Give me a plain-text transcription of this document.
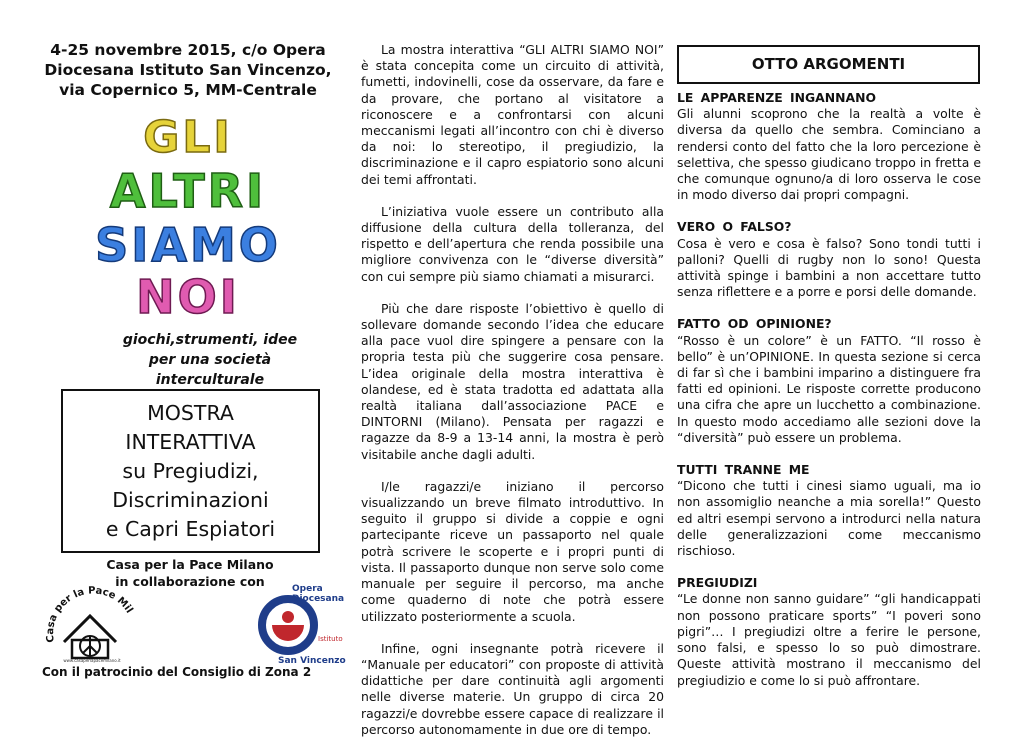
4-25 novembre 2015, c/o Opera
Diocesana Istituto San Vincenzo,
via Copernico 5, MM-Centrale
GLI
ALTRI
SIAMO
NOI
giochi,strumenti, idee
per una società
interculturale
MOSTRA
INTERATTIVA
su Pregiudizi,
Discriminazioni
e Capri Espiatori
Casa per la Pace Milano
in collaborazione con
Casa per la Pace Mil
www.casaperlapacemilano.it
Opera
Diocesana
Istituto
San Vincenzo
Con il patrocinio del Consiglio di Zona 2

La mostra interattiva “GLI ALTRI SIAMO NOI” è stata concepita come un circuito di attività, fumetti, indovinelli, cose da osservare, da fare e da provare, che portano al visitatore a riconoscere e a confrontarsi con alcuni meccanismi legati all’incontro con chi è diverso da noi: lo stereotipo, il pregiudizio, la discriminazione e il capro espiatorio sono alcuni dei temi affrontati.

L’iniziativa vuole essere un contributo alla diffusione della cultura della tolleranza, del rispetto e dell’apertura che renda possibile una migliore convivenza con le “diverse diversità” con cui sempre più siamo chiamati a misurarci.

Più che dare risposte l’obiettivo è quello di sollevare domande secondo l’idea che educare alla pace vuol dire spingere a pensare con la propria testa più che suggerire cosa pensare. L’idea originale della mostra interattiva è olandese, ed è stata tradotta ed adattata alla realtà italiana dall’associazione PACE e DINTORNI (Milano). Pensata per ragazzi e ragazze da 8-9 a 13-14 anni, la mostra è però visitabile anche dagli adulti.

I/le ragazzi/e iniziano il percorso visualizzando un breve filmato introduttivo. In seguito il gruppo si divide a coppie e ogni partecipante riceve un passaporto nel quale potrà scrivere le scoperte e i propri punti di vista. Il passaporto dunque non serve solo come manuale per seguire il percorso, ma anche come quaderno di note che potrà essere utilizzato posteriormente a scuola.

Infine, ogni insegnante potrà ricevere il “Manuale per educatori” con proposte di attività didattiche per dare continuità agli argomenti nelle diverse materie. Un gruppo di circa 20 ragazzi/e dovrebbe essere capace di realizzare il percorso autonomamente in due ore di tempo.

OTTO ARGOMENTI
LE APPARENZE INGANNANO
Gli alunni scoprono che la realtà a volte è diversa da quello che sembra. Cominciano a rendersi conto del fatto che la loro percezione è selettiva, che spesso giudicano troppo in fretta e che comunque ognuno/a di loro osserva le cose in modo diverso dai propri compagni.
VERO O FALSO?
Cosa è vero e cosa è falso? Sono tondi tutti i palloni? Quelli di rugby non lo sono! Questa attività spinge i bambini a non accettare tutto senza riflettere e a porre e porsi delle domande.
FATTO OD OPINIONE?
“Rosso è un colore” è un FATTO. “Il rosso è bello” è un’OPINIONE. In questa sezione si cerca di far sì che i bambini imparino a distinguere fra fatti ed opinioni. Le risposte corrette producono una cifra che apre un lucchetto a combinazione. In questo modo accediamo alle sezioni dove la “diversità” può essere un problema.
TUTTI TRANNE ME
“Dicono che tutti i cinesi siamo uguali, ma io non assomiglio neanche a mia sorella!” Questo ed altri esempi servono a introdurci nella natura delle generalizzazioni come meccanismo rischioso.
PREGIUDIZI
“Le donne non sanno guidare” “gli handicappati non possono praticare sports” “I poveri sono pigri”… I pregiudizi oltre a ferire le persone, sono falsi, e spesso lo so può dimostrare. Queste attività mostrano il meccanismo del pregiudizio e come lo si può affrontare.
